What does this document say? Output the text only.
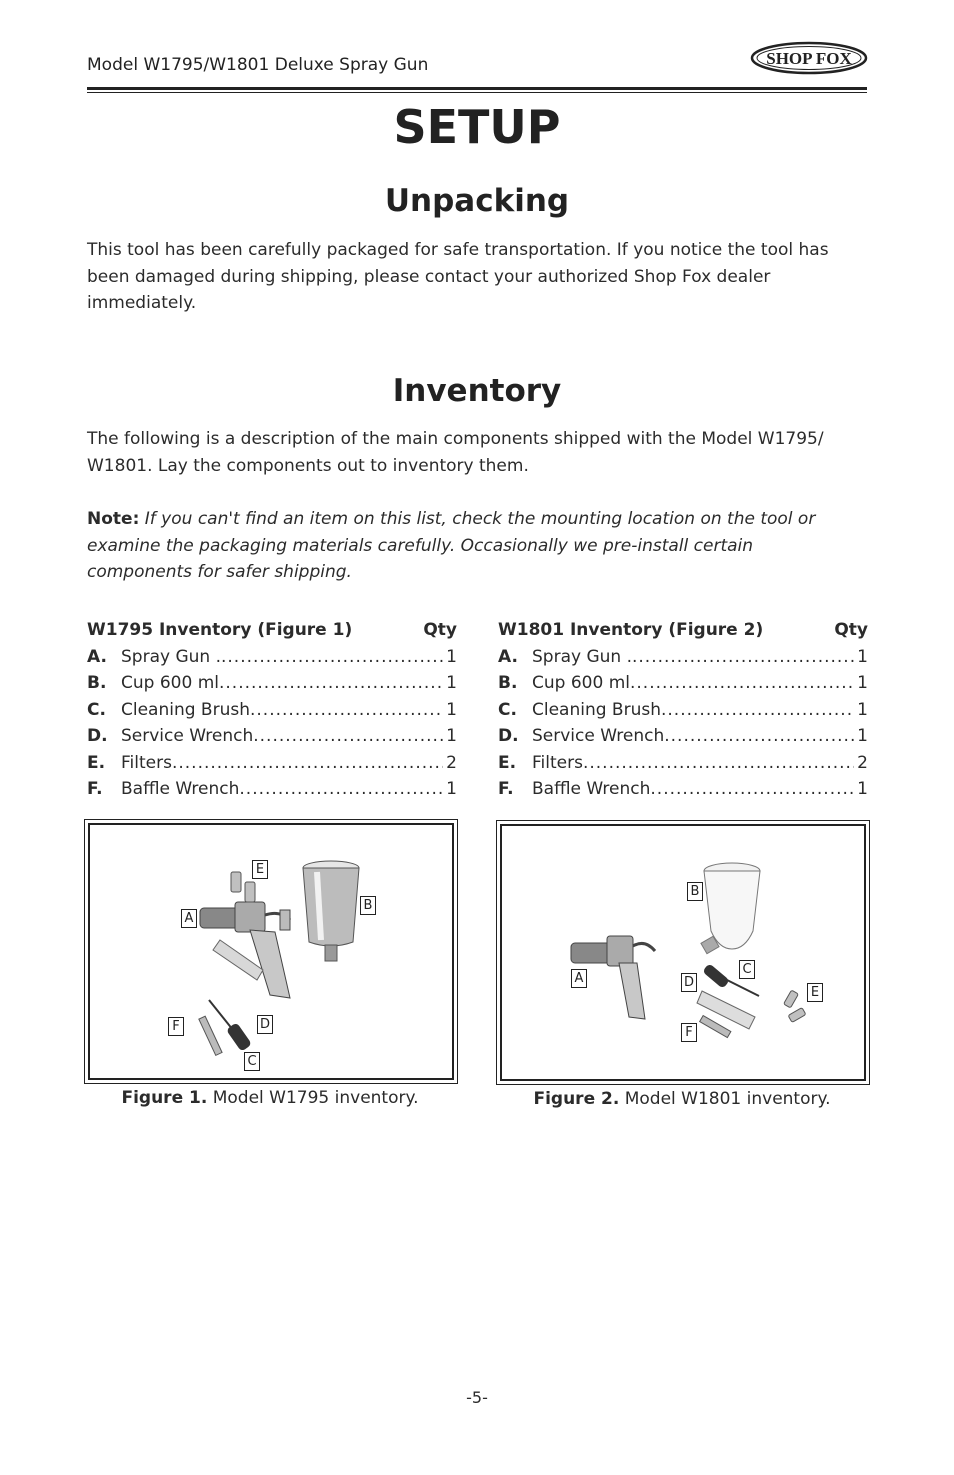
Model W1795/W1801 Deluxe Spray Gun	SHOP FOX
SETUP
Unpacking
This tool has been carefully packaged for safe transportation. If you notice the tool has been damaged during shipping, please contact your authorized Shop Fox dealer immediately.
Inventory
The following is a description of the main components shipped with the Model W1795/ W1801. Lay the components out to inventory them.
Note: If you can't find an item on this list, check the mounting location on the tool or examine the packaging materials carefully. Occasionally we pre-install certain components for safer shipping.
W1795 Inventory (Figure 1)	Qty
A. Spray Gun . .....	1
B. Cup 600 ml .....	1
C. Cleaning Brush .....	1
D. Service Wrench .....	1
E. Filters .....	2
F.	Baffle Wrench .....	1
W1801 Inventory (Figure 2)	Qty
A. Spray Gun . .....	1
B. Cup 600 ml .....	1
C. Cleaning Brush .....	1
D. Service Wrench .....	1
E. Filters .....	2
F.	Baffle Wrench .....	1
E
B
A
F	D
C
Figure 1. Model W1795 inventory.
B
C
A	D
E
F
Figure 2. Model W1801 inventory.
-5-
